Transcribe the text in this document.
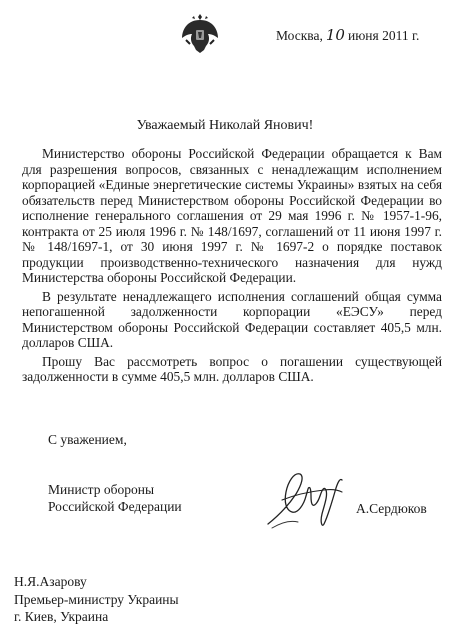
Москва, 10 июня 2011 г.
Уважаемый Николай Янович!

Министерство обороны Российской Федерации обращается к Вам для разрешения вопросов, связанных с ненадлежащим исполнением корпорацией «Единые энергетические системы Украины» взятых на себя обязательств перед Министерством обороны Российской Федерации во исполнение генерального соглашения от 29 мая 1996 г. № 1957-1-96, контракта от 25 июля 1996 г. № 148/1697, соглашений от 11 июня 1997 г. № 148/1697-1, от 30 июня 1997 г. № 1697-2 о порядке поставок продукции производственно-технического назначения для нужд Министерства обороны Российской Федерации.

В результате ненадлежащего исполнения соглашений общая сумма непогашенной задолженности корпорации «ЕЭСУ» перед Министерством обороны Российской Федерации составляет 405,5 млн. долларов США.

Прошу Вас рассмотреть вопрос о погашении существующей задолженности в сумме 405,5 млн. долларов США.

С уважением,
Министр обороны
Российской Федерации	А.Сердюков
Н.Я.Азарову
Премьер-министру Украины
г. Киев, Украина
